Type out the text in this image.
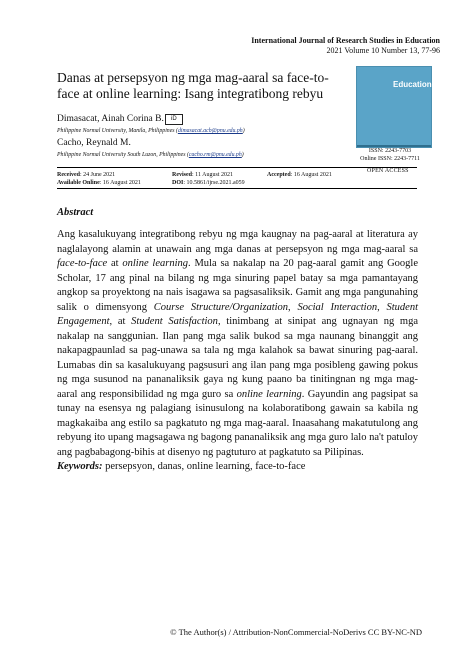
International Journal of Research Studies in Education
2021 Volume 10 Number 13, 77-96
Danas at persepsyon ng mga mag-aaral sa face-to-face at online learning: Isang integratibong rebyu
Education
ISSN: 2243-7703
Online ISSN: 2243-7711
OPEN ACCESS
Dimasacat, Ainah Corina B. iD
Philippine Normal University, Manila, Philippines (dimasacat.acb@pnu.edu.ph)
Cacho, Reynald M.
Philippine Normal University South Luzon, Philippines (cacho.rm@pnu.edu.ph)
Received: 24 June 2021	Revised: 11 August 2021	Accepted: 16 August 2021
Available Online: 16 August 2021	DOI: 10.5861/ijrse.2021.a059
Abstract
Ang kasalukuyang integratibong rebyu ng mga kaugnay na pag-aaral at literatura ay naglalayong alamin at unawain ang mga danas at persepsyon ng mga mag-aaral sa face-to-face at online learning. Mula sa nakalap na 20 pag-aaral gamit ang Google Scholar, 17 ang pinal na bilang ng mga sinuring papel batay sa mga pamantayang angkop sa proyektong na nais isagawa sa pagsasaliksik. Gamit ang mga pangunahing salik o dimensyong Course Structure/Organization, Social Interaction, Student Engagement, at Student Satisfaction, tinimbang at sinipat ang ugnayan ng mga nakalap na sanggunian. Ilan pang mga salik bukod sa mga naunang binanggit ang nakapagpaunlad sa pag-unawa sa tala ng mga kalahok sa bawat sinuring pag-aaral. Lumabas din sa kasalukuyang pagsusuri ang ilan pang mga posibleng gawing pokus ng mga susunod na pananaliksik gaya ng kung paano ba tinitingnan ng mga mag-aaral ang responsibilidad ng mga guro sa online learning. Gayundin ang pagsipat sa tunay na esensya ng palagiang isinusulong na kolaboratibong gawain sa kabila ng magkakaiba ang estilo sa pagkatuto ng mga mag-aaral. Inaasahang makatutulong ang rebyung ito upang magsagawa ng bagong pananaliksik ang mga guro lalo na't patuloy ang pagbabagong-bihis at disenyo ng pagtuturo at pagkatuto sa Pilipinas.
Keywords: persepsyon, danas, online learning, face-to-face
© The Author(s) / Attribution-NonCommercial-NoDerivs CC BY-NC-ND
